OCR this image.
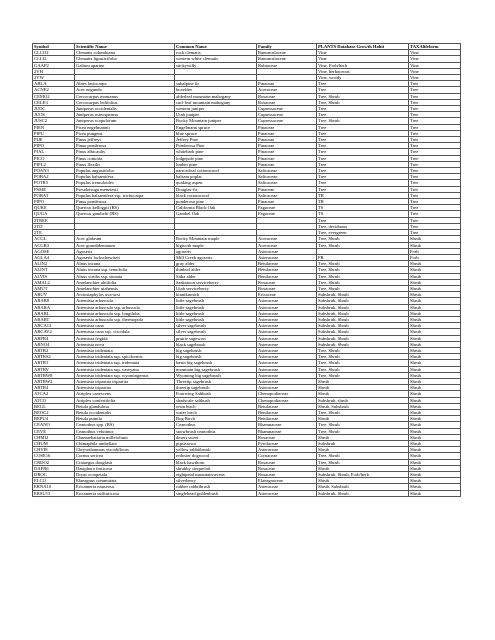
Symbol	Scientific Name	Common Name	Family	PLANTS Database Growth Habit	TAXAlifeform
CLCO2	Clematis columbiana	rock clematis	Ranunculaceae	Vine	Vine
CLLI2	Clematis ligusticifolia	western white clematis	Ranunculaceae	Vine	Vine
GAAP2	Galium aparine	stickywilly	Rubiaceae	Vine, Forb/herb	Vine
2VH				Vine, herbaceous	Vine
2VW				Vine, woody	Vine
ABLA	Abies lasiocarpa	subalpine fir	Pinaceae	Tree	Tree
ACNE2	Acer negundo	boxelder	Aceraceae	Tree	Tree
CEMO2	Cercocarpus montanus	alderleaf mountain mahogany	Rosaceae	Tree, Shrub	Tree
CELE3	Cercocarpus ledifolius	curl-leaf mountain mahogany	Rosaceae	Tree, Shrub	Tree
JUOC	Juniperus occidentalis	western juniper	Cupressaceae	Tree	Tree
JUOS	Juniperus osteosperma	Utah juniper	Cupressaceae	Tree	Tree
JUSC2	Juniperus scopulorum	Rocky Mountain juniper	Cupressaceae	Tree, Shrub	Tree
PIEN	Picea engelmannii	Engelmann spruce	Pinaceae	Tree	Tree
PIPU	Picea pungens	blue spruce	Pinaceae	Tree	Tree
PIJE	Pinus jeffreyi	Jeffrey Pine	Pinaceae	Tree	Tree
PIPO	Pinus ponderosa	Ponderosa Pine	Pinaceae	Tree	Tree
PIAL	Pinus albicaulis	whitebark pine	Pinaceae	Tree	Tree
PICO	Pinus contorta	lodgepole pine	Pinaceae	Tree	Tree
PIFL2	Pinus flexilis	limber pine	Pinaceae	Tree	Tree
POAN3	Populus angustifolia	narrowleaf cottonwood	Salicaceae	Tree	Tree
POBA2	Populus balsamifera	balsam poplar	Salicaceae	Tree	Tree
POTR5	Populus tremuloides	quaking aspen	Salicaceae	Tree	Tree
PSME	Pseudotsuga menziesii	Douglas-fir	Pinaceae	Tree	Tree
POBAT	Populus balsamifera ssp. trichocarpa	black cottonwood	Salicaceae	TR	Tree
PIPO	Pinus ponderosa	ponderosa pine	Pinaceae	TR	Tree
QUKE	Quercus kelloggii (BS)	California Black Oak	Fagaceae	TS	Tree
QUGA	Quercus gambelii (BS)	Gambel Oak	Fagaceae	TS	Tree
2TREE				Tree	Tree
2TD				Tree, deciduous	Tree
2TE				Tree, evergreen	Tree
ACGL	Acer glabrum	Rocky Mountain maple	Aceraceae	Tree, Shrub	Shrub
ACGR3	Acer grandidentatum	bigtooth maple	Aceraceae	Tree, Shrub	Shrub
AGOSE	Agoseris	agoseris	Asteraceae		Forb
AGLA4	Agoseris lackschewitzii	Mill Creek agoseris	Asteraceae	FB	Forb
ALIN2	Alnus incana	gray alder	Betulaceae	Tree, Shrub	Shrub
ALINT	Alnus incana ssp. tenuifolia	thinleaf alder	Betulaceae	Tree, Shrub	Shrub
ALVIS	Alnus viridis ssp. sinuata	Sitka alder	Betulaceae	Tree, Shrub	Shrub
AMAL2	Amelanchier alnifolia	Saskatoon serviceberry	Rosaceae	Tree, Shrub	Shrub
AMUT	Amelanchier utahensis	Utah serviceberry	Rosaceae	Tree, Shrub	Shrub
ARUV	Arctostaphylos uva-ursi	kinnikinnick	Ericaceae	Subshrub, Shrub	Shrub
ARAR8	Artemisia arbuscula	little sagebrush	Asteraceae	Subshrub, Shrub	Shrub
ARARA	Artemisia arbuscula ssp. arbuscula	little sagebrush	Asteraceae	Subshrub, Shrub	Shrub
ARARL	Artemisia arbuscula ssp. longiloba	little sagebrush	Asteraceae	Subshrub, Shrub	Shrub
ARART	Artemisia arbuscula ssp. thermopola	little sagebrush	Asteraceae	Subshrub, Shrub	Shrub
ARCA13	Artemisia cana	silver sagebrush	Asteraceae	Subshrub, Shrub	Shrub
ARCAV2	Artemisia cana ssp. viscidula	silver sagebrush	Asteraceae	Subshrub, Shrub	Shrub
ARFR4	Artemisia frigida	prairie sagewort	Asteraceae	Subshrub, Shrub	Shrub
ARNO4	Artemisia nova	black sagebrush	Asteraceae	Subshrub, Shrub	Shrub
ARTR2	Artemisia tridentata	big sagebrush	Asteraceae	Tree, Shrub	Shrub
ARTRS2	Artemisia tridentata ssp. spiciformis	big sagebrush	Asteraceae	Tree, Shrub	Shrub
ARTRT	Artemisia tridentata ssp. tridentata	basin big sagebrush	Asteraceae	Tree, Shrub	Shrub
ARTRV	Artemisia tridentata ssp. vaseyana	mountain big sagebrush	Asteraceae	Tree, Shrub	Shrub
ARTRW8	Artemisia tridentata ssp. wyomingensis	Wyoming big sagebrush	Asteraceae	Tree, Shrub	Shrub
ARTRW2	Artemisia tripartita tripartita	Threetip sagebrush	Asteraceae	Shrub	Shrub
ARTR4	Artemisia tripartita	threetip sagebrush	Asteraceae	Shrub	Shrub
ATCA2	Atriplex canescens	Fourwing Saltbush	Chenopodiaceae	Shrub	Shrub
ATCO	Atriplex confertifolia	shadscale saltbush	Chenopodiaceae	Subshrub, shrub	Shrub
BEGL	Betula glandulosa	resin birch	Betulaceae	Shrub, Subshrub	Shrub
BEOC2	Betula occidentalis	water birch	Betulaceae	Tree, Shrub	Shrub
BEPU4	Betula pumila	Bog Birch	Betulaceae	Shrub	Shrub
CEANO	Ceanothus spp. (BS)	Ceanothus	Rhamnaceae	Tree, Shrub	Shrub
CEVE	Ceanothus velutinus	snowbrush ceanothus	Rhamnaceae	Tree, Shrub	Shrub
CHMI2	Chamaebatiaria millefolium	desert sweet	Rosaceae	Shrub	Shrub
CHUM	Chimaphila umbellata	pipsissewa	Pyrolaceae	Subshrub	Shrub
CHVI8	Chrysothamnus viscidiflorus	yellow rabbitbrush	Asteraceae	Shrub	Shrub
COSE16	Cornus sericea	redosier dogwood	Cornaceae	Tree, Shrub	Shrub
CRDO2	Crataegus douglasii	black hawthorn	Rosaceae	Tree, Shrub	Shrub
DAFR6	Dasiphora fruticosa	shrubby cinquefoil	Rosaceae	Shrub	Shrub
DROC	Dryas octopetala	eightpetal mountain-avens	Rosaceae	Subshrub, Shrub, Forb/herb	Shrub
ELCO	Elaeagnus commutata	silverberry	Elaeagnaceae	Shrub	Shrub
ERNA10	Ericameria nauseosa	rubber rabbitbrush	Asteraceae	Shrub, Subshrub	Shrub
ERSU13	Ericameria suffruticosa	singlehead goldenbush	Asteraceae	Subshrub, Shrub	Shrub
